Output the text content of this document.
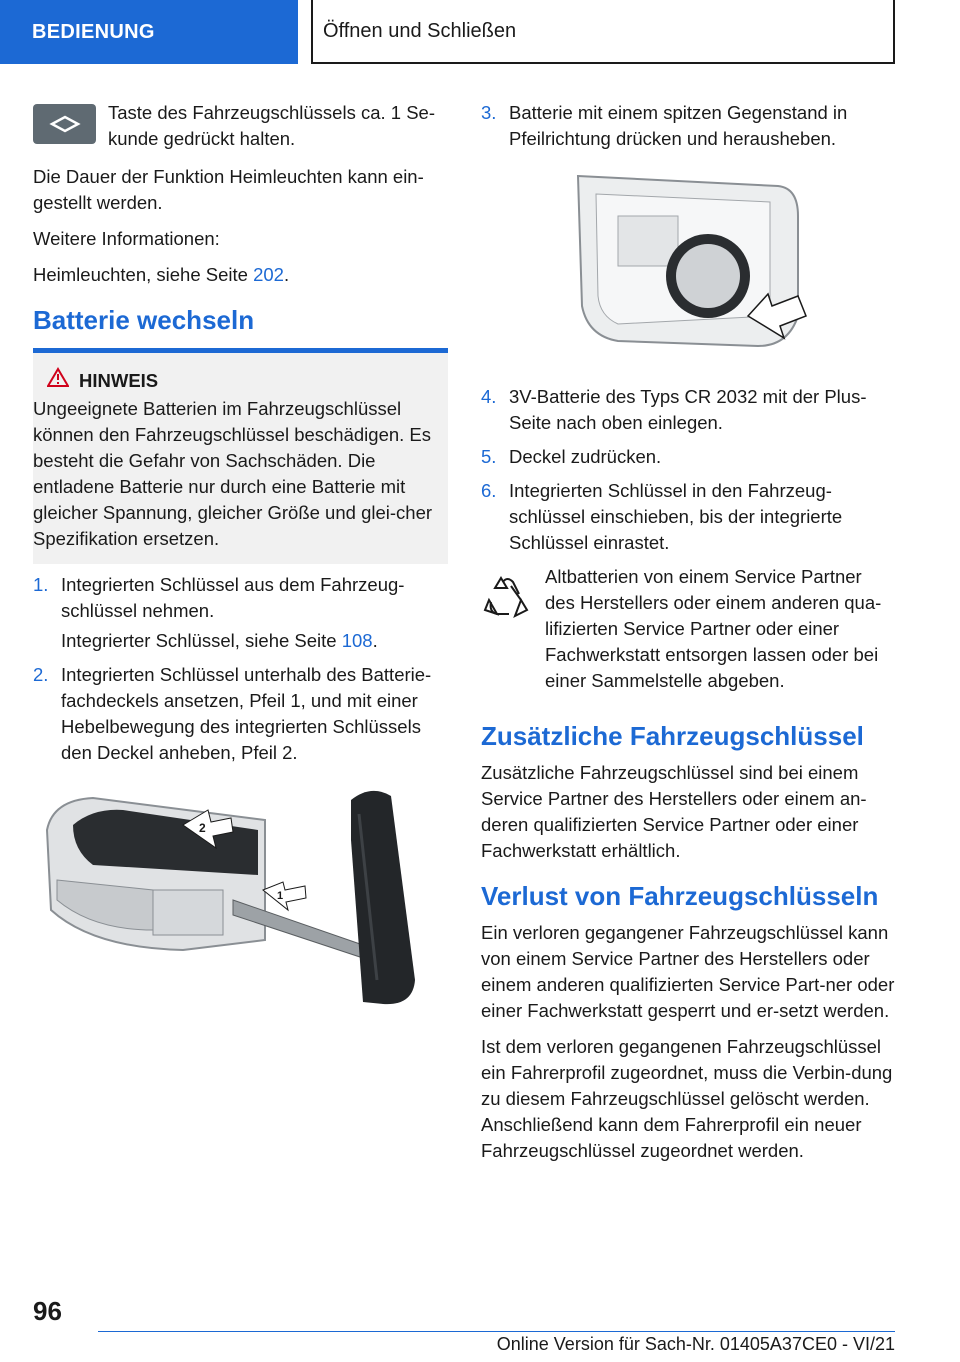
BEDIENUNG	Öffnen und Schließen
Taste des Fahrzeugschlüssels ca. 1 Se-kunde gedrückt halten.

Die Dauer der Funktion Heimleuchten kann ein-gestellt werden.

Weitere Informationen:

Heimleuchten, siehe Seite 202.

Batterie wechseln
HINWEIS

Ungeeignete Batterien im Fahrzeugschlüssel können den Fahrzeugschlüssel beschädigen. Es besteht die Gefahr von Sachschäden. Die entladene Batterie nur durch eine Batterie mit gleicher Spannung, gleicher Größe und glei-cher Spezifikation ersetzen.

1. Integrierten Schlüssel aus dem Fahrzeug-schlüssel nehmen.
Integrierter Schlüssel, siehe Seite 108.
2. Integrierten Schlüssel unterhalb des Batterie-fachdeckels ansetzen, Pfeil 1, und mit einer Hebelbewegung des integrierten Schlüssels den Deckel anheben, Pfeil 2.
2
1
3. Batterie mit einem spitzen Gegenstand in Pfeilrichtung drücken und herausheben.
4. 3V-Batterie des Typs CR 2032 mit der Plus-Seite nach oben einlegen.
5. Deckel zudrücken.
6. Integrierten Schlüssel in den Fahrzeug-schlüssel einschieben, bis der integrierte Schlüssel einrastet.

Altbatterien von einem Service Partner des Herstellers oder einem anderen qua-lifizierten Service Partner oder einer Fachwerkstatt entsorgen lassen oder bei einer Sammelstelle abgeben.

Zusätzliche Fahrzeugschlüssel

Zusätzliche Fahrzeugschlüssel sind bei einem Service Partner des Herstellers oder einem an-deren qualifizierten Service Partner oder einer Fachwerkstatt erhältlich.

Verlust von Fahrzeugschlüsseln

Ein verloren gegangener Fahrzeugschlüssel kann von einem Service Partner des Herstellers oder einem anderen qualifizierten Service Part-ner oder einer Fachwerkstatt gesperrt und er-setzt werden.

Ist dem verloren gegangenen Fahrzeugschlüssel ein Fahrerprofil zugeordnet, muss die Verbin-dung zu diesem Fahrzeugschlüssel gelöscht werden. Anschließend kann dem Fahrerprofil ein neuer Fahrzeugschlüssel zugeordnet werden.

96
Online Version für Sach-Nr. 01405A37CE0 - VI/21
